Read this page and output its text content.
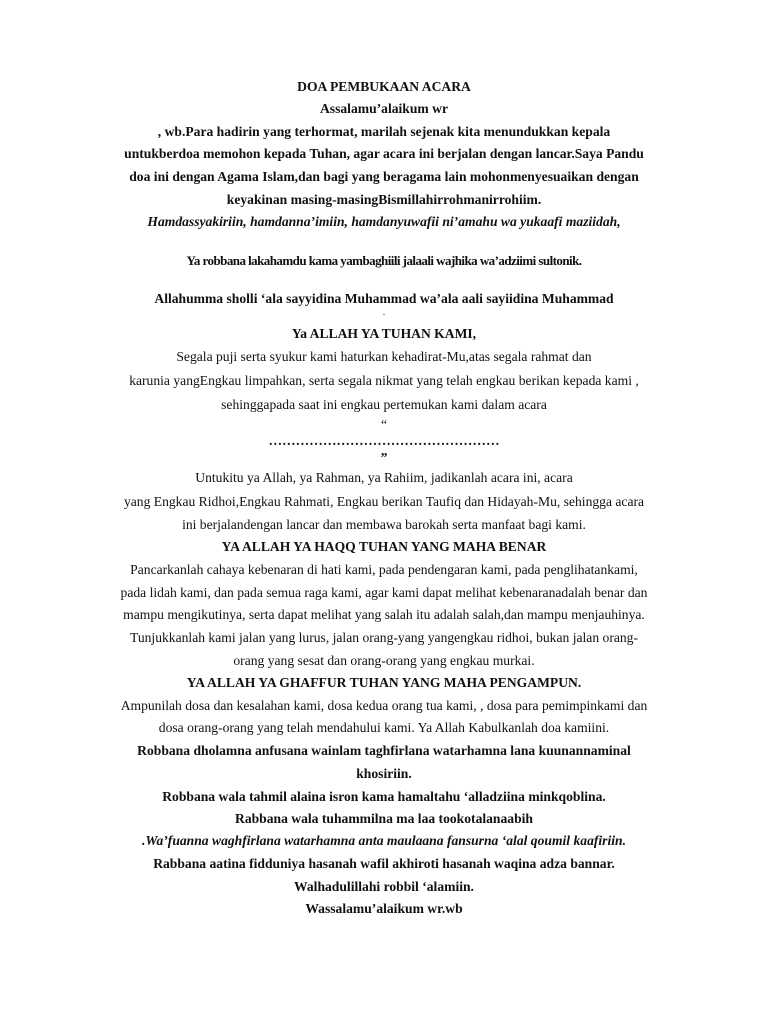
DOA PEMBUKAAN ACARA
Assalamu’alaikum wr
, wb.Para hadirin yang terhormat, marilah sejenak kita menundukkan kepala
untukberdoa memohon kepada Tuhan, agar acara ini berjalan dengan lancar.Saya Pandu
doa ini dengan Agama Islam,dan bagi yang beragama lain mohonmenyesuaikan dengan
keyakinan masing-masingBismillahirrohmanirrohiim.
Hamdassyakiriin, hamdanna’imiin, hamdanyuwafii ni’amahu wa yukaafi maziidah,
Ya robbana lakahamdu kama yambaghiili jalaali wajhika wa’adziimi sultonik.
Allahumma sholli ‘ala sayyidina Muhammad wa’ala aali sayiidina Muhammad
.
Ya ALLAH YA TUHAN KAMI,
Segala puji serta syukur kami haturkan kehadirat-Mu,atas segala rahmat dan
karunia yangEngkau limpahkan, serta segala nikmat yang telah engkau berikan kepada kami ,
sehinggapada saat ini engkau pertemukan kami dalam acara
“
……………………………………………
”
Untukitu ya Allah, ya Rahman, ya Rahiim, jadikanlah acara ini, acara
yang Engkau Ridhoi,Engkau Rahmati, Engkau berikan Taufiq dan Hidayah-Mu, sehingga acara
ini berjalandengan lancar dan membawa barokah serta manfaat bagi kami.
YA ALLAH YA HAQQ TUHAN YANG MAHA BENAR
Pancarkanlah cahaya kebenaran di hati kami, pada pendengaran kami, pada penglihatankami,
pada lidah kami, dan pada semua raga kami, agar kami dapat melihat kebenaranadalah benar dan
mampu mengikutinya, serta dapat melihat yang salah itu adalah salah,dan mampu menjauhinya.
Tunjukkanlah kami jalan yang lurus, jalan orang-yang yangengkau ridhoi, bukan jalan orang-
orang yang sesat dan orang-orang yang engkau murkai.
YA ALLAH YA GHAFFUR TUHAN YANG MAHA PENGAMPUN.
Ampunilah dosa dan kesalahan kami, dosa kedua orang tua kami, , dosa para pemimpinkami dan
dosa orang-orang yang telah mendahului kami. Ya Allah Kabulkanlah doa kamiini.
Robbana dholamna anfusana wainlam taghfirlana watarhamna lana kuunannaminal
khosiriin.
Robbana wala tahmil alaina isron kama hamaltahu ‘alladziina minkqoblina.
Rabbana wala tuhammilna ma laa tookotalanaabih
.Wa’fuanna waghfirlana watarhamna anta maulaana fansurna ‘alal qoumil kaafiriin.
Rabbana aatina fidduniya hasanah wafil akhiroti hasanah waqina adza bannar.
Walhadulillahi robbil ‘alamiin.
Wassalamu’alaikum wr.wb
